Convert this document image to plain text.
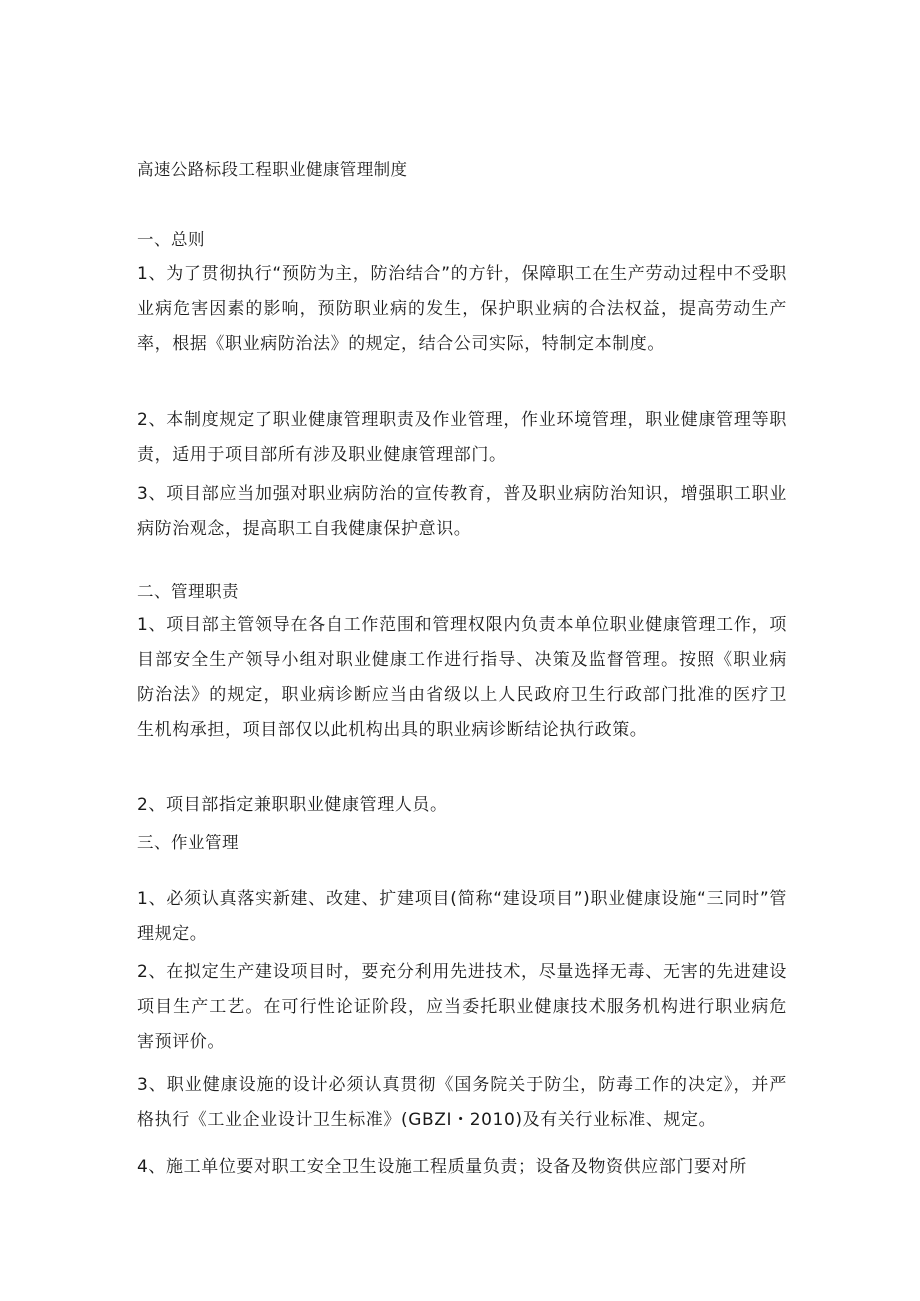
高速公路标段工程职业健康管理制度

一、总则

1、为了贯彻执行“预防为主，防治结合”的方针，保障职工在生产劳动过程中不受职业病危害因素的影响，预防职业病的发生，保护职业病的合法权益，提高劳动生产率，根据《职业病防治法》的规定，结合公司实际，特制定本制度。

2、本制度规定了职业健康管理职责及作业管理，作业环境管理，职业健康管理等职责，适用于项目部所有涉及职业健康管理部门。

3、项目部应当加强对职业病防治的宣传教育，普及职业病防治知识，增强职工职业病防治观念，提高职工自我健康保护意识。

二、管理职责

1、项目部主管领导在各自工作范围和管理权限内负责本单位职业健康管理工作，项目部安全生产领导小组对职业健康工作进行指导、决策及监督管理。按照《职业病防治法》的规定，职业病诊断应当由省级以上人民政府卫生行政部门批准的医疗卫生机构承担，项目部仅以此机构出具的职业病诊断结论执行政策。

2、项目部指定兼职职业健康管理人员。

三、作业管理

1、必须认真落实新建、改建、扩建项目(简称“建设项目”)职业健康设施“三同时”管理规定。

2、在拟定生产建设项目时，要充分利用先进技术，尽量选择无毒、无害的先进建设项目生产工艺。在可行性论证阶段，应当委托职业健康技术服务机构进行职业病危害预评价。

3、职业健康设施的设计必须认真贯彻《国务院关于防尘，防毒工作的决定》，并严格执行《工业企业设计卫生标准》(GBZI・2010)及有关行业标准、规定。

4、施工单位要对职工安全卫生设施工程质量负责；设备及物资供应部门要对所
